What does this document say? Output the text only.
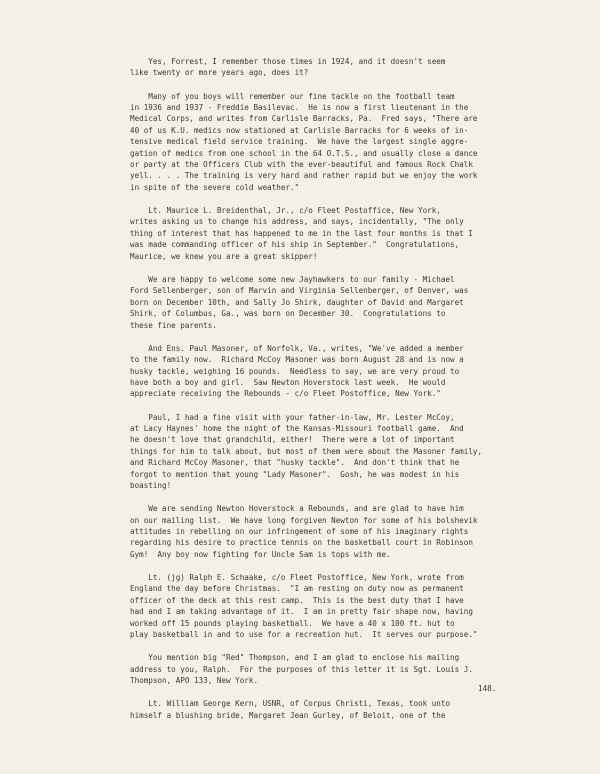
Yes, Forrest, I remember those times in 1924, and it doesn't seem
like twenty or more years ago, does it?
Many of you boys will remember our fine tackle on the football team
in 1936 and 1937 - Freddie Basilevac.  He is now a first lieutenant in the
Medical Corps, and writes from Carlisle Barracks, Pa.  Fred says, "There are
40 of us K.U. medics now stationed at Carlisle Barracks for 6 weeks of in-
tensive medical field service training.  We have the largest single aggre-
gation of medics from one school in the 64 O.T.S., and usually close a dance
or party at the Officers Club with the ever-beautiful and famous Rock Chalk
yell. . . . The training is very hard and rather rapid but we enjoy the work
in spite of the severe cold weather."
Lt. Maurice L. Breidenthal, Jr., c/o Fleet Postoffice, New York,
writes asking us to change his address, and says, incidentally, "The only
thing of interest that has happened to me in the last four months is that I
was made commanding officer of his ship in September."  Congratulations,
Maurice, we knew you are a great skipper!
We are happy to welcome some new Jayhawkers to our family - Michael
Ford Sellenberger, son of Marvin and Virginia Sellenberger, of Denver, was
born on December 10th, and Sally Jo Shirk, daughter of David and Margaret
Shirk, of Columbus, Ga., was born on December 30.  Congratulations to
these fine parents.
And Ens. Paul Masoner, of Norfolk, Va., writes, "We've added a member
to the family now.  Richard McCoy Masoner was born August 28 and is now a
husky tackle, weighing 16 pounds.  Needless to say, we are very proud to
have both a boy and girl.  Saw Newton Hoverstock last week.  He would
appreciate receiving the Rebounds - c/o Fleet Postoffice, New York."
Paul, I had a fine visit with your father-in-law, Mr. Lester McCoy,
at Lacy Haynes' home the night of the Kansas-Missouri football game.  And
he doesn't love that grandchild, either!  There were a lot of important
things for him to talk about, but most of them were about the Masoner family,
and Richard McCoy Masoner, that "husky tackle".  And don't think that he
forgot to mention that young "Lady Masoner".  Gosh, he was modest in his
boasting!
We are sending Newton Hoverstock a Rebounds, and are glad to have him
on our mailing list.  We have long forgiven Newton for some of his bolshevik
attitudes in rebelling on our infringement of some of his imaginary rights
regarding his desire to practice tennis on the basketball court in Robinson
Gym!  Any boy now fighting for Uncle Sam is tops with me.
Lt. (jg) Ralph E. Schaake, c/o Fleet Postoffice, New York, wrote from
England the day before Christmas.  "I am resting on duty now as permanent
officer of the deck at this rest camp.  This is the best duty that I have
had and I am taking advantage of it.  I am in pretty fair shape now, having
worked off 15 pounds playing basketball.  We have a 40 x 100 ft. hut to
play basketball in and to use for a recreation hut.  It serves our purpose."
You mention big "Red" Thompson, and I am glad to enclose his mailing
address to you, Ralph.  For the purposes of this letter it is Sgt. Louis J.
Thompson, APO 133, New York.
Lt. William George Kern, USNR, of Corpus Christi, Texas, took unto
himself a blushing bride, Margaret Jean Gurley, of Beloit, one of the
148.
